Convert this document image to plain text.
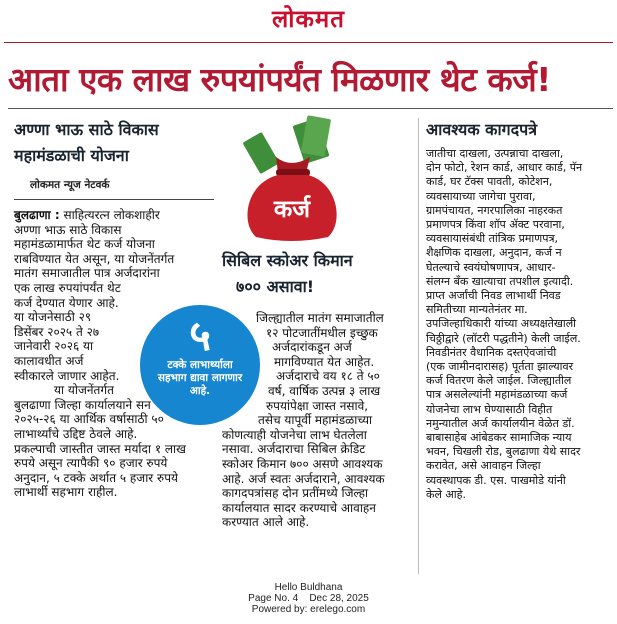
लोकमत
आता एक लाख रुपयांपर्यंत मिळणार थेट कर्ज!
अण्णा भाऊ साठे विकास
महामंडळाची योजना
लोकमत न्यूज नेटवर्क
बुलढाणा : साहित्यरत्न लोकशाहीर
अण्णा भाऊ साठे विकास
महामंडळामार्फत थेट कर्ज योजना
राबविण्यात येत असून, या योजनेंतर्गत
मातंग समाजातील पात्र अर्जदारांना
एक लाख रुपयांपर्यंत थेट
कर्ज देण्यात येणार आहे.
या योजनेसाठी २९
डिसेंबर २०२५ ते २७
जानेवारी २०२६ या
कालावधीत अर्ज
स्वीकारले जाणार आहेत.
या योजनेंतर्गत
बुलढाणा जिल्हा कार्यालयाने सन
२०२५-२६ या आर्थिक वर्षासाठी ५०
लाभार्थ्यांचे उद्दिष्ट ठेवले आहे.
प्रकल्पाची जास्तीत जास्त मर्यादा १ लाख
रुपये असून त्यापैकी ९० हजार रुपये
अनुदान, ५ टक्के अर्थात ५ हजार रुपये
लाभार्थी सहभाग राहील.
कर्ज
सिबिल स्कोअर किमान
७०० असावा!
जिल्ह्यातील मातंग समाजातील
१२ पोटजातींमधील इच्छुक
अर्जदारांकडून अर्ज
मागविण्यात येत आहेत.
अर्जदाराचे वय १८ ते ५०
वर्ष, वार्षिक उत्पन्न ३ लाख
रुपयांपेक्षा जास्त नसावे,
तसेच यापूर्वी महामंडळाच्या
कोणत्याही योजनेचा लाभ घेतलेला
नसावा. अर्जदाराचा सिबिल क्रेडिट
स्कोअर किमान ७०० असणे आवश्यक
आहे. अर्ज स्वतः अर्जदाराने, आवश्यक
कागदपत्रांसह दोन प्रतींमध्ये जिल्हा
कार्यालयात सादर करण्याचे आवाहन
करण्यात आले आहे.
५
टक्के लाभार्थ्याला सहभाग द्यावा लागणार आहे.
आवश्यक कागदपत्रे
जातीचा दाखला, उत्पन्नाचा दाखला,
दोन फोटो, रेशन कार्ड, आधार कार्ड, पॅन
कार्ड, घर टॅक्स पावती, कोटेशन,
व्यवसायाच्या जागेचा पुरावा,
ग्रामपंचायत, नगरपालिका नाहरकत
प्रमाणपत्र किंवा शॉप ॲक्ट परवाना,
व्यवसायासंबंधी तांत्रिक प्रमाणपत्र,
शैक्षणिक दाखला, अनुदान, कर्ज न
घेतल्याचे स्वयंघोषणापत्र, आधार-
संलग्न बँक खात्याचा तपशील इत्यादी.
प्राप्त अर्जांची निवड लाभार्थी निवड
समितीच्या मान्यतेनंतर मा.
उपजिल्हाधिकारी यांच्या अध्यक्षतेखाली
चिठ्ठीद्वारे (लॉटरी पद्धतीने) केली जाईल.
निवडीनंतर वैधानिक दस्तऐवजांची
(एक जामीनदारासह) पूर्तता झाल्यावर
कर्ज वितरण केले जाईल. जिल्ह्यातील
पात्र असलेल्यांनी महामंडळाच्या कर्ज
योजनेचा लाभ घेण्यासाठी विहीत
नमुन्यातील अर्ज कार्यालयीन वेळेत डॉ.
बाबासाहेब आंबेडकर सामाजिक न्याय
भवन, चिखली रोड, बुलढाणा येथे सादर
करावेत, असे आवाहन जिल्हा
व्यवस्थापक डी. एस. पाखमोडे यांनी
केले आहे.
Hello Buldhana
Page No. 4    Dec 28, 2025
Powered by: erelego.com
